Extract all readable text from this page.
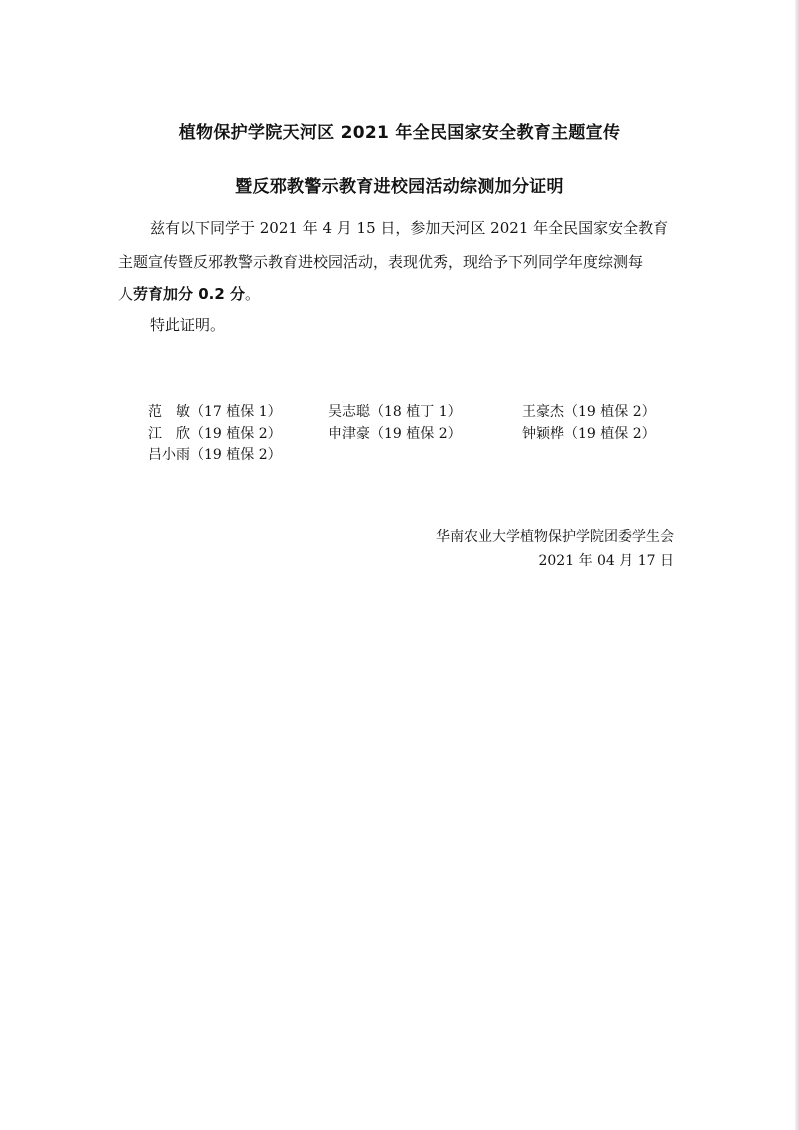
植物保护学院天河区 2021 年全民国家安全教育主题宣传
暨反邪教警示教育进校园活动综测加分证明
兹有以下同学于 2021 年 4 月 15 日，参加天河区 2021 年全民国家安全教育
主题宣传暨反邪教警示教育进校园活动，表现优秀，现给予下列同学年度综测每
人劳育加分 0.2 分。
特此证明。
范　敏（17 植保 1）	吴志聪（18 植丁 1）	王豪杰（19 植保 2）
江　欣（19 植保 2）	申津豪（19 植保 2）	钟颖桦（19 植保 2）
吕小雨（19 植保 2）
华南农业大学植物保护学院团委学生会
2021 年 04 月 17 日
